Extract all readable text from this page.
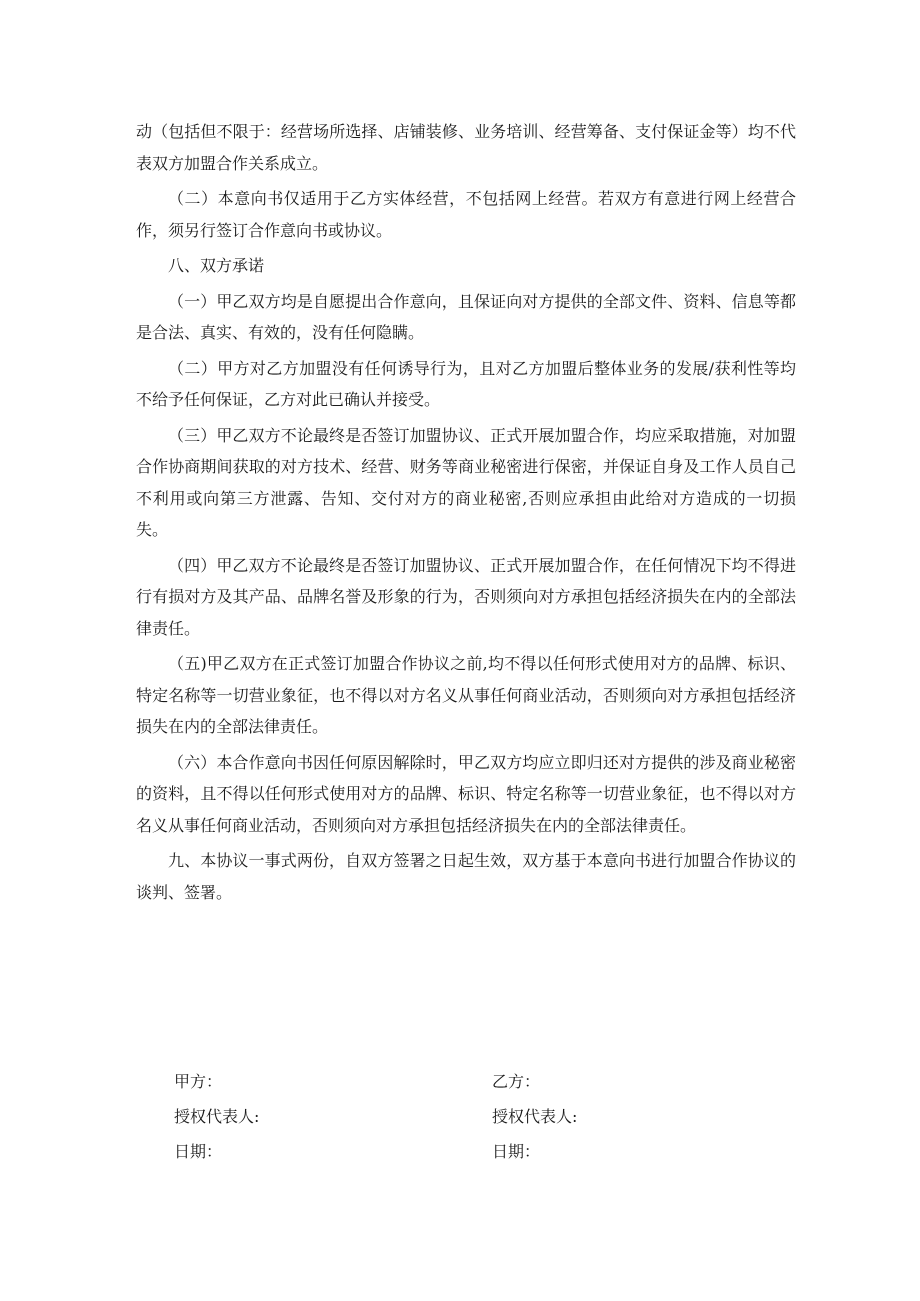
动（包括但不限于：经营场所选择、店铺装修、业务培训、经营筹备、支付保证金等）均不代表双方加盟合作关系成立。

（二）本意向书仅适用于乙方实体经营，不包括网上经营。若双方有意进行网上经营合作，须另行签订合作意向书或协议。

八、双方承诺

（一）甲乙双方均是自愿提出合作意向，且保证向对方提供的全部文件、资料、信息等都是合法、真实、有效的，没有任何隐瞒。

（二）甲方对乙方加盟没有任何诱导行为，且对乙方加盟后整体业务的发展/获利性等均不给予任何保证，乙方对此已确认并接受。

（三）甲乙双方不论最终是否签订加盟协议、正式开展加盟合作，均应采取措施，对加盟合作协商期间获取的对方技术、经营、财务等商业秘密进行保密，并保证自身及工作人员自己不利用或向第三方泄露、告知、交付对方的商业秘密,否则应承担由此给对方造成的一切损失。

（四）甲乙双方不论最终是否签订加盟协议、正式开展加盟合作，在任何情况下均不得进行有损对方及其产品、品牌名誉及形象的行为，否则须向对方承担包括经济损失在内的全部法律责任。

（五)甲乙双方在正式签订加盟合作协议之前,均不得以任何形式使用对方的品牌、标识、特定名称等一切营业象征，也不得以对方名义从事任何商业活动，否则须向对方承担包括经济损失在内的全部法律责任。

（六）本合作意向书因任何原因解除时，甲乙双方均应立即归还对方提供的涉及商业秘密的资料，且不得以任何形式使用对方的品牌、标识、特定名称等一切营业象征，也不得以对方名义从事任何商业活动，否则须向对方承担包括经济损失在内的全部法律责任。

九、本协议一事式两份，自双方签署之日起生效，双方基于本意向书进行加盟合作协议的谈判、签署。

甲方：

授权代表人:

日期：

乙方：

授权代表人:

日期：
